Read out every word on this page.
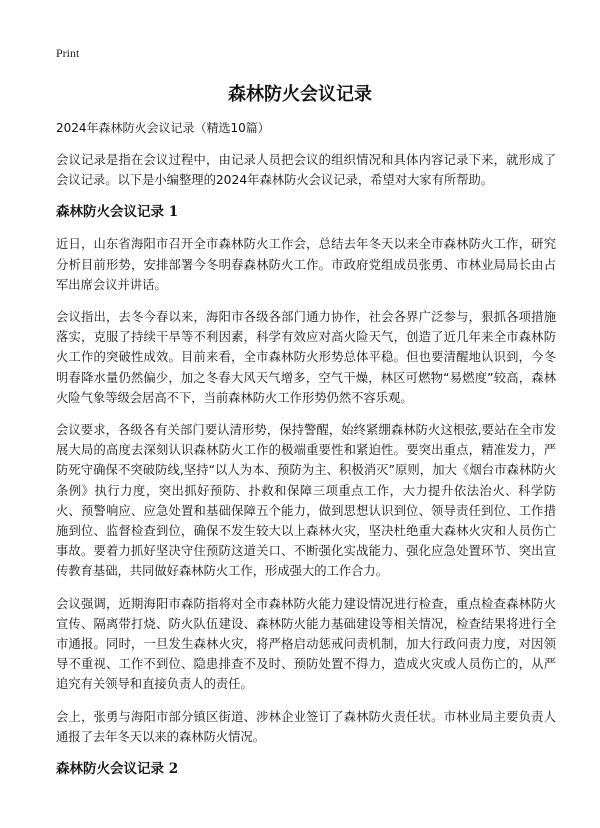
Print
森林防火会议记录

2024年森林防火会议记录（精选10篇）

会议记录是指在会议过程中，由记录人员把会议的组织情况和具体内容记录下来，就形成了会议记录。以下是小编整理的2024年森林防火会议记录，希望对大家有所帮助。

森林防火会议记录 1

近日，山东省海阳市召开全市森林防火工作会，总结去年冬天以来全市森林防火工作，研究分析目前形势，安排部署今冬明春森林防火工作。市政府党组成员张勇、市林业局局长由占军出席会议并讲话。

会议指出，去冬今春以来，海阳市各级各部门通力协作，社会各界广泛参与，狠抓各项措施落实，克服了持续干旱等不利因素，科学有效应对高火险天气，创造了近几年来全市森林防火工作的突破性成效。目前来看，全市森林防火形势总体平稳。但也要清醒地认识到，今冬明春降水量仍然偏少，加之冬春大风天气增多，空气干燥，林区可燃物“易燃度”较高，森林火险气象等级会居高不下，当前森林防火工作形势仍然不容乐观。

会议要求，各级各有关部门要认清形势，保持警醒，始终紧绷森林防火这根弦,要站在全市发展大局的高度去深刻认识森林防火工作的极端重要性和紧迫性。要突出重点，精准发力，严防死守确保不突破防线,坚持“以人为本、预防为主、积极消灭”原则，加大《烟台市森林防火条例》执行力度，突出抓好预防、扑救和保障三项重点工作，大力提升依法治火、科学防火、预警响应、应急处置和基础保障五个能力，做到思想认识到位、领导责任到位、工作措施到位、监督检查到位，确保不发生较大以上森林火灾，坚决杜绝重大森林火灾和人员伤亡事故。要着力抓好坚决守住预防这道关口、不断强化实战能力、强化应急处置环节、突出宣传教育基础，共同做好森林防火工作，形成强大的工作合力。

会议强调，近期海阳市森防指将对全市森林防火能力建设情况进行检查，重点检查森林防火宣传、隔离带打烧、防火队伍建设、森林防火能力基础建设等相关情况，检查结果将进行全市通报。同时，一旦发生森林火灾，将严格启动惩戒问责机制，加大行政问责力度，对因领导不重视、工作不到位、隐患排查不及时、预防处置不得力，造成火灾或人员伤亡的，从严追究有关领导和直接负责人的责任。

会上，张勇与海阳市部分镇区街道、涉林企业签订了森林防火责任状。市林业局主要负责人通报了去年冬天以来的森林防火情况。

森林防火会议记录 2
